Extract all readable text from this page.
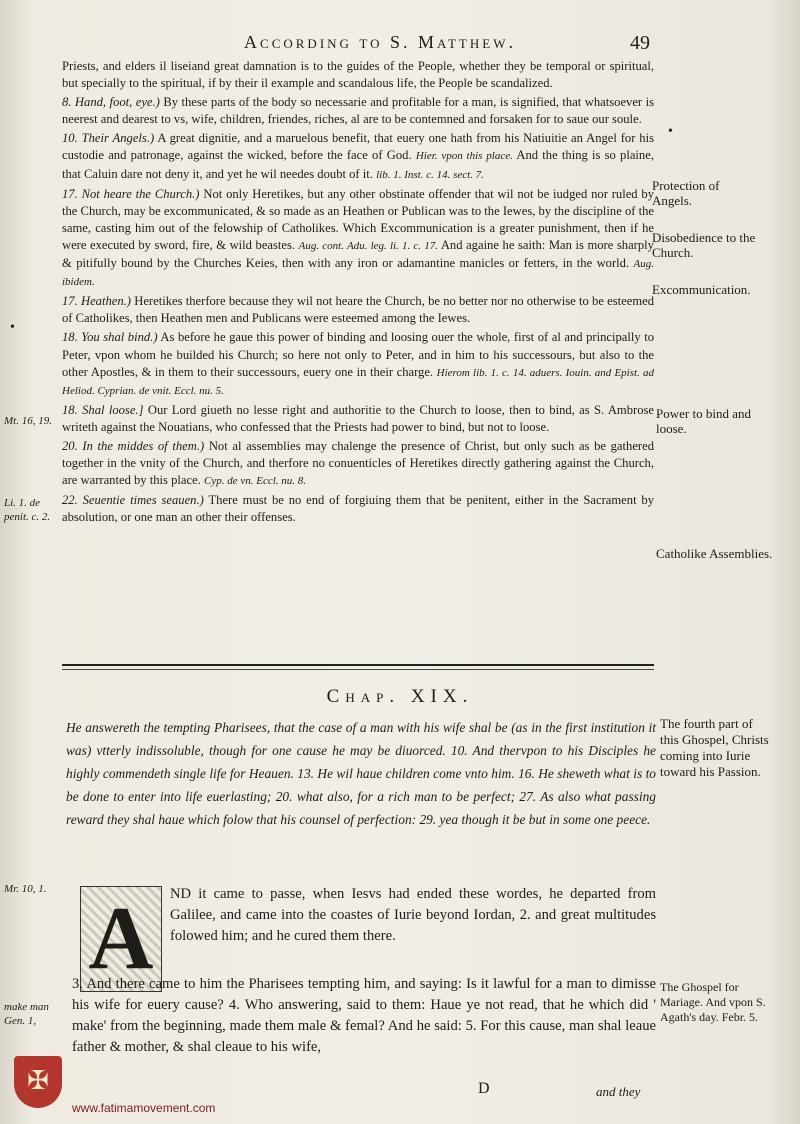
According to S. Matthew.	49

Priests, and elders il liseiand great damnation is to the guides of the People, whether they be temporal or spiritual, but specially to the spiritual, if by their il example and scandalous life, the People be scandalized.

8. Hand, foot, eye.) By these parts of the body so necessarie and profitable for a man, is signified, that whatsoever is neerest and dearest to vs, wife, children, friendes, riches, al are to be contemned and forsaken for to saue our soule.

10. Their Angels.) A great dignitie, and a maruelous benefit, that euery one hath from his Natiuitie an Angel for his custodie and patronage, against the wicked, before the face of God. Hier. vpon this place. And the thing is so plaine, that Caluin dare not deny it, and yet he wil needes doubt of it. lib. 1. Inst. c. 14. sect. 7.

17. Not heare the Church.) Not only Heretikes, but any other obstinate offender that wil not be iudged nor ruled by the Church, may be excommunicated, & so made as an Heathen or Publican was to the Iewes, by the discipline of the same, casting him out of the felowship of Catholikes. Which Excommunication is a greater punishment, then if he were executed by sword, fire, & wild beastes. Aug. cont. Adu. leg. li. 1. c. 17. And againe he saith: Man is more sharply & pitifully bound by the Churches Keies, then with any iron or adamantine manicles or fetters, in the world. Aug. ibidem.

17. Heathen.) Heretikes therfore because they wil not heare the Church, be no better nor no otherwise to be esteemed of Catholikes, then Heathen men and Publicans were esteemed among the Iewes.

18. You shal bind.) As before he gaue this power of binding and loosing ouer the whole, first of al and principally to Peter, vpon whom he builded his Church; so here not only to Peter, and in him to his successours, but also to the other Apostles, & in them to their successours, euery one in their charge. Hierom lib. 1. c. 14. aduers. Iouin. and Epist. ad Heliod. Cyprian. de vnit. Eccl. nu. 5.

18. Shal loose.] Our Lord giueth no lesse right and authoritie to the Church to loose, then to bind, as S. Ambrose writeth against the Nouatians, who confessed that the Priests had power to bind, but not to loose.

20. In the middes of them.) Not al assemblies may chalenge the presence of Christ, but only such as be gathered together in the vnity of the Church, and therfore no conuenticles of Heretikes directly gathering against the Church, are warranted by this place. Cyp. de vn. Eccl. nu. 8.

22. Seuentie times seauen.) There must be no end of forgiuing them that be penitent, either in the Sacrament by absolution, or one man an other their offenses.

Protection of Angels.
Disobedience to the Church.
Excommunication.
Power to bind and loose.
Catholike Assemblies.
Mt. 16, 19.
Li. 1. de penit. c. 2.
•
•
Chap. XIX.
He answereth the tempting Pharisees, that the case of a man with his wife shal be (as in the first institution it was) vtterly indissoluble, though for one cause he may be diuorced. 10. And thervpon to his Disciples he highly commendeth single life for Heauen. 13. He wil haue children come vnto him. 16. He sheweth what is to be done to enter into life euerlasting; 20. what also, for a rich man to be perfect; 27. As also what passing reward they shal haue which folow that his counsel of perfection: 29. yea though it be but in some one peece.
The fourth part of this Ghospel, Christs coming into Iurie toward his Passion.
Mr. 10, 1. A	ND it came to passe, when Iesvs had ended these wordes, he departed from Galilee, and came into the coastes of Iurie beyond Iordan, 2. and great multitudes folowed him; and he cured them there.
3. And there came to him the Pharisees tempting him, and saying: Is it lawful for a man to dimisse his wife for euery cause? 4. Who answering, said to them: Haue ye not read, that he which did ' make' from the beginning, made them male & femal? And he said: 5. For this cause, man shal leaue father & mother, & shal cleaue to his wife,
The Ghospel for Mariage. And vpon S. Agath's day. Febr. 5.
make man Gen. 1,
D	and they
✠
www.fatimamovement.com
